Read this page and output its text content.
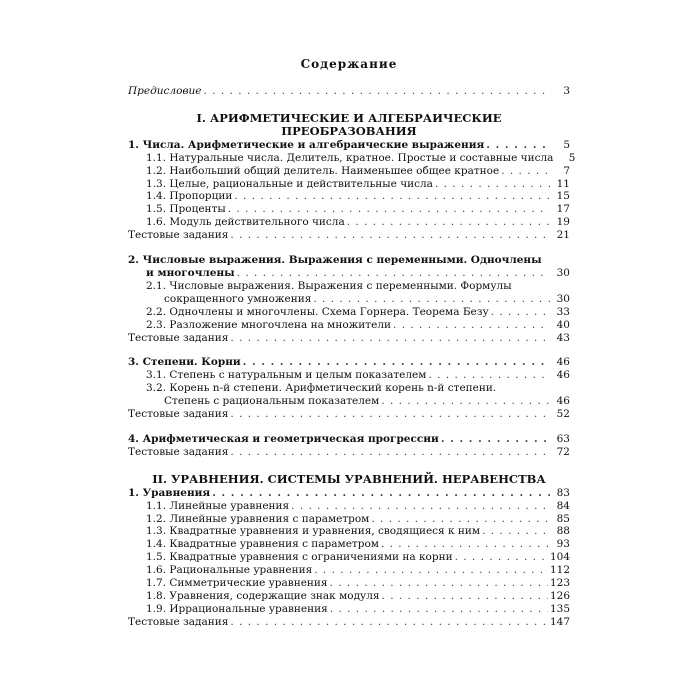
Содержание
Предисловие . . .	3
I. АРИФМЕТИЧЕСКИЕ И АЛГЕБРАИЧЕСКИЕ
ПРЕОБРАЗОВАНИЯ
1. Числа. Арифметические и алгебраические выражения . . .	5
1.1. Натуральные числа. Делитель, кратное. Простые и составные числа	5
1.2. Наибольший общий делитель. Наименьшее общее кратное . . .	7
1.3. Целые, рациональные и действительные числа . . .	11
1.4. Пропорции . . .	15
1.5. Проценты . . .	17
1.6. Модуль действительного числа . . .	19
Тестовые задания . . .	21
2. Числовые выражения. Выражения с переменными. Одночлены
и многочлены . . .	30
2.1. Числовые выражения. Выражения с переменными. Формулы
сокращенного умножения . . .	30
2.2. Одночлены и многочлены. Схема Горнера. Теорема Безу . . .	33
2.3. Разложение многочлена на множители . . .	40
Тестовые задания . . .	43
3. Степени. Корни . . .	46
3.1. Степень с натуральным и целым показателем . . .	46
3.2. Корень n-й степени. Арифметический корень n-й степени.
Степень с рациональным показателем . . .	46
Тестовые задания . . .	52
4. Арифметическая и геометрическая прогрессии . . .	63
Тестовые задания . . .	72
II. УРАВНЕНИЯ. СИСТЕМЫ УРАВНЕНИЙ. НЕРАВЕНСТВА
1. Уравнения . . .	83
1.1. Линейные уравнения . . .	84
1.2. Линейные уравнения с параметром . . .	85
1.3. Квадратные уравнения и уравнения, сводящиеся к ним . . .	88
1.4. Квадратные уравнения с параметром . . .	93
1.5. Квадратные уравнения с ограничениями на корни . . .	104
1.6. Рациональные уравнения . . .	112
1.7. Симметрические уравнения . . .	123
1.8. Уравнения, содержащие знак модуля . . .	126
1.9. Иррациональные уравнения . . .	135
Тестовые задания . . .	147
